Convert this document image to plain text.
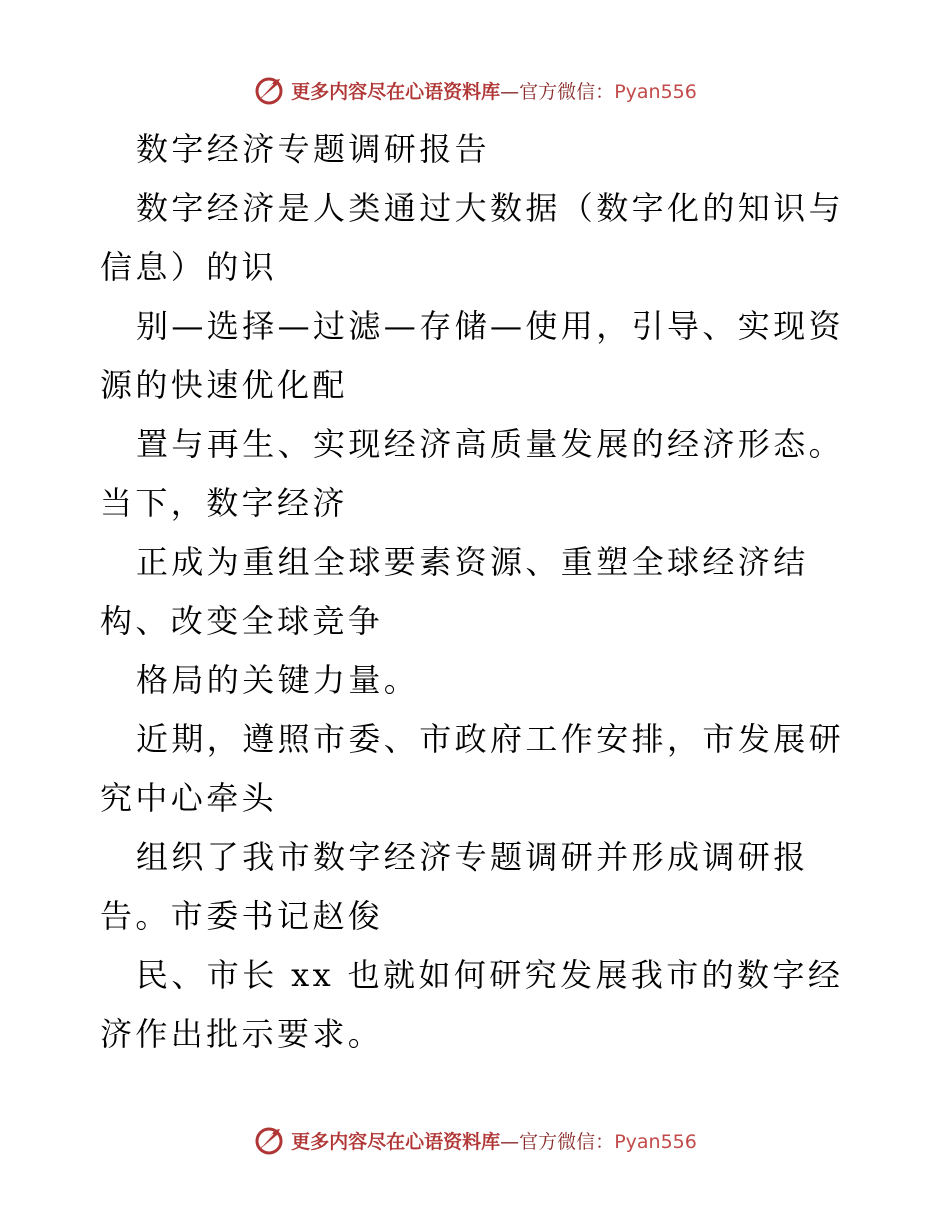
更多内容尽在心语资料库—官方微信：Pyan556

数字经济专题调研报告

数字经济是人类通过大数据（数字化的知识与信息）的识

别—选择—过滤—存储—使用，引导、实现资源的快速优化配

置与再生、实现经济高质量发展的经济形态。当下，数字经济

正成为重组全球要素资源、重塑全球经济结构、改变全球竞争

格局的关键力量。

近期，遵照市委、市政府工作安排，市发展研究中心牵头

组织了我市数字经济专题调研并形成调研报告。市委书记赵俊

民、市长 xx 也就如何研究发展我市的数字经济作出批示要求。

更多内容尽在心语资料库—官方微信：Pyan556
